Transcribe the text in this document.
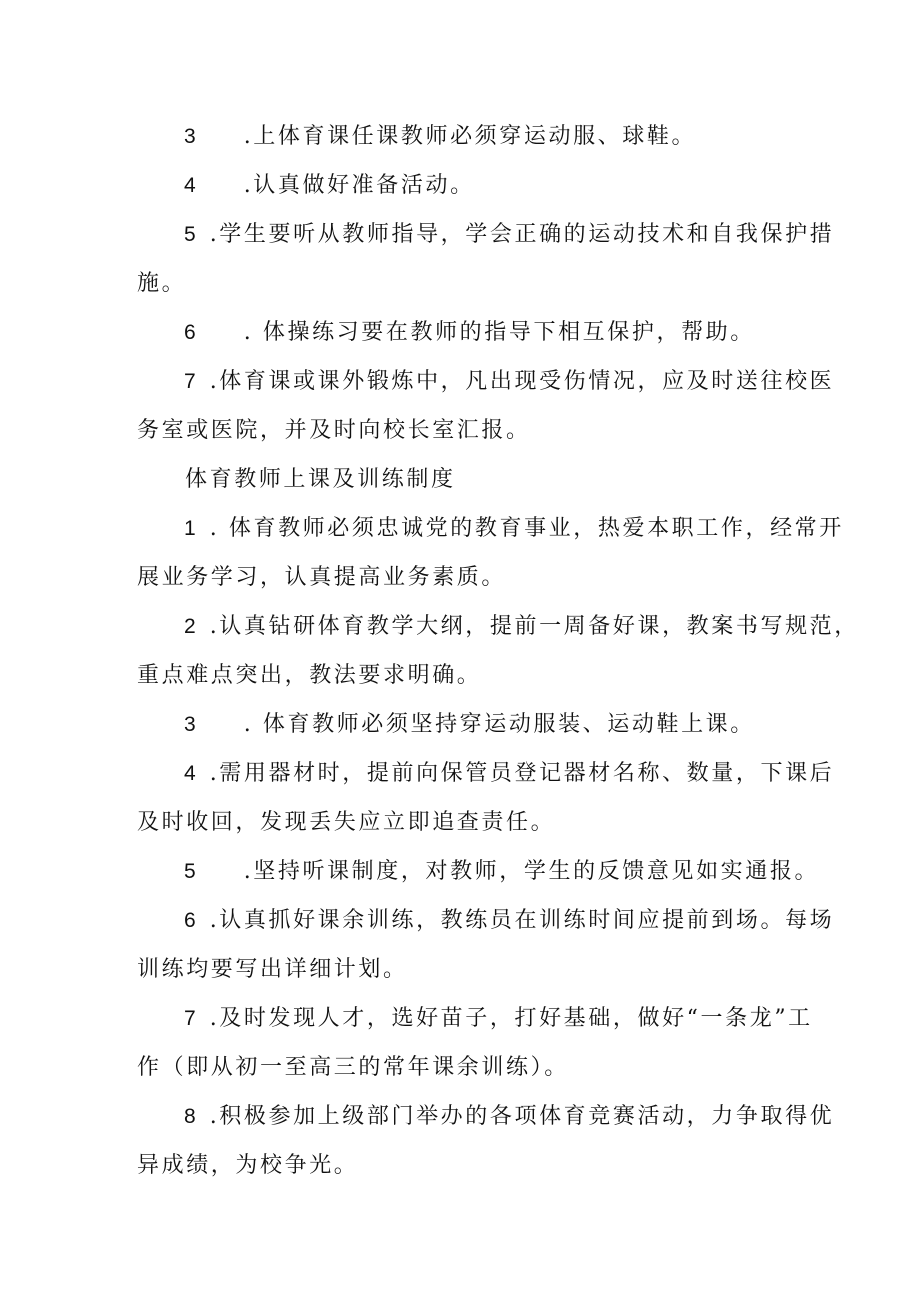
3 .上体育课任课教师必须穿运动服、球鞋。
4 .认真做好准备活动。
5 .学生要听从教师指导，学会正确的运动技术和自我保护措
施。
6 . 体操练习要在教师的指导下相互保护，帮助。
7 .体育课或课外锻炼中，凡出现受伤情况，应及时送往校医
务室或医院，并及时向校长室汇报。
体育教师上课及训练制度
1 . 体育教师必须忠诚党的教育事业，热爱本职工作，经常开
展业务学习，认真提高业务素质。
2 .认真钻研体育教学大纲，提前一周备好课，教案书写规范，
重点难点突出，教法要求明确。
3 . 体育教师必须坚持穿运动服装、运动鞋上课。
4 .需用器材时，提前向保管员登记器材名称、数量，下课后
及时收回，发现丢失应立即追查责任。
5 .坚持听课制度，对教师，学生的反馈意见如实通报。
6 .认真抓好课余训练，教练员在训练时间应提前到场。每场
训练均要写出详细计划。
7 .及时发现人才，选好苗子，打好基础，做好“一条龙”工
作（即从初一至高三的常年课余训练）。
8 .积极参加上级部门举办的各项体育竞赛活动，力争取得优
异成绩，为校争光。
